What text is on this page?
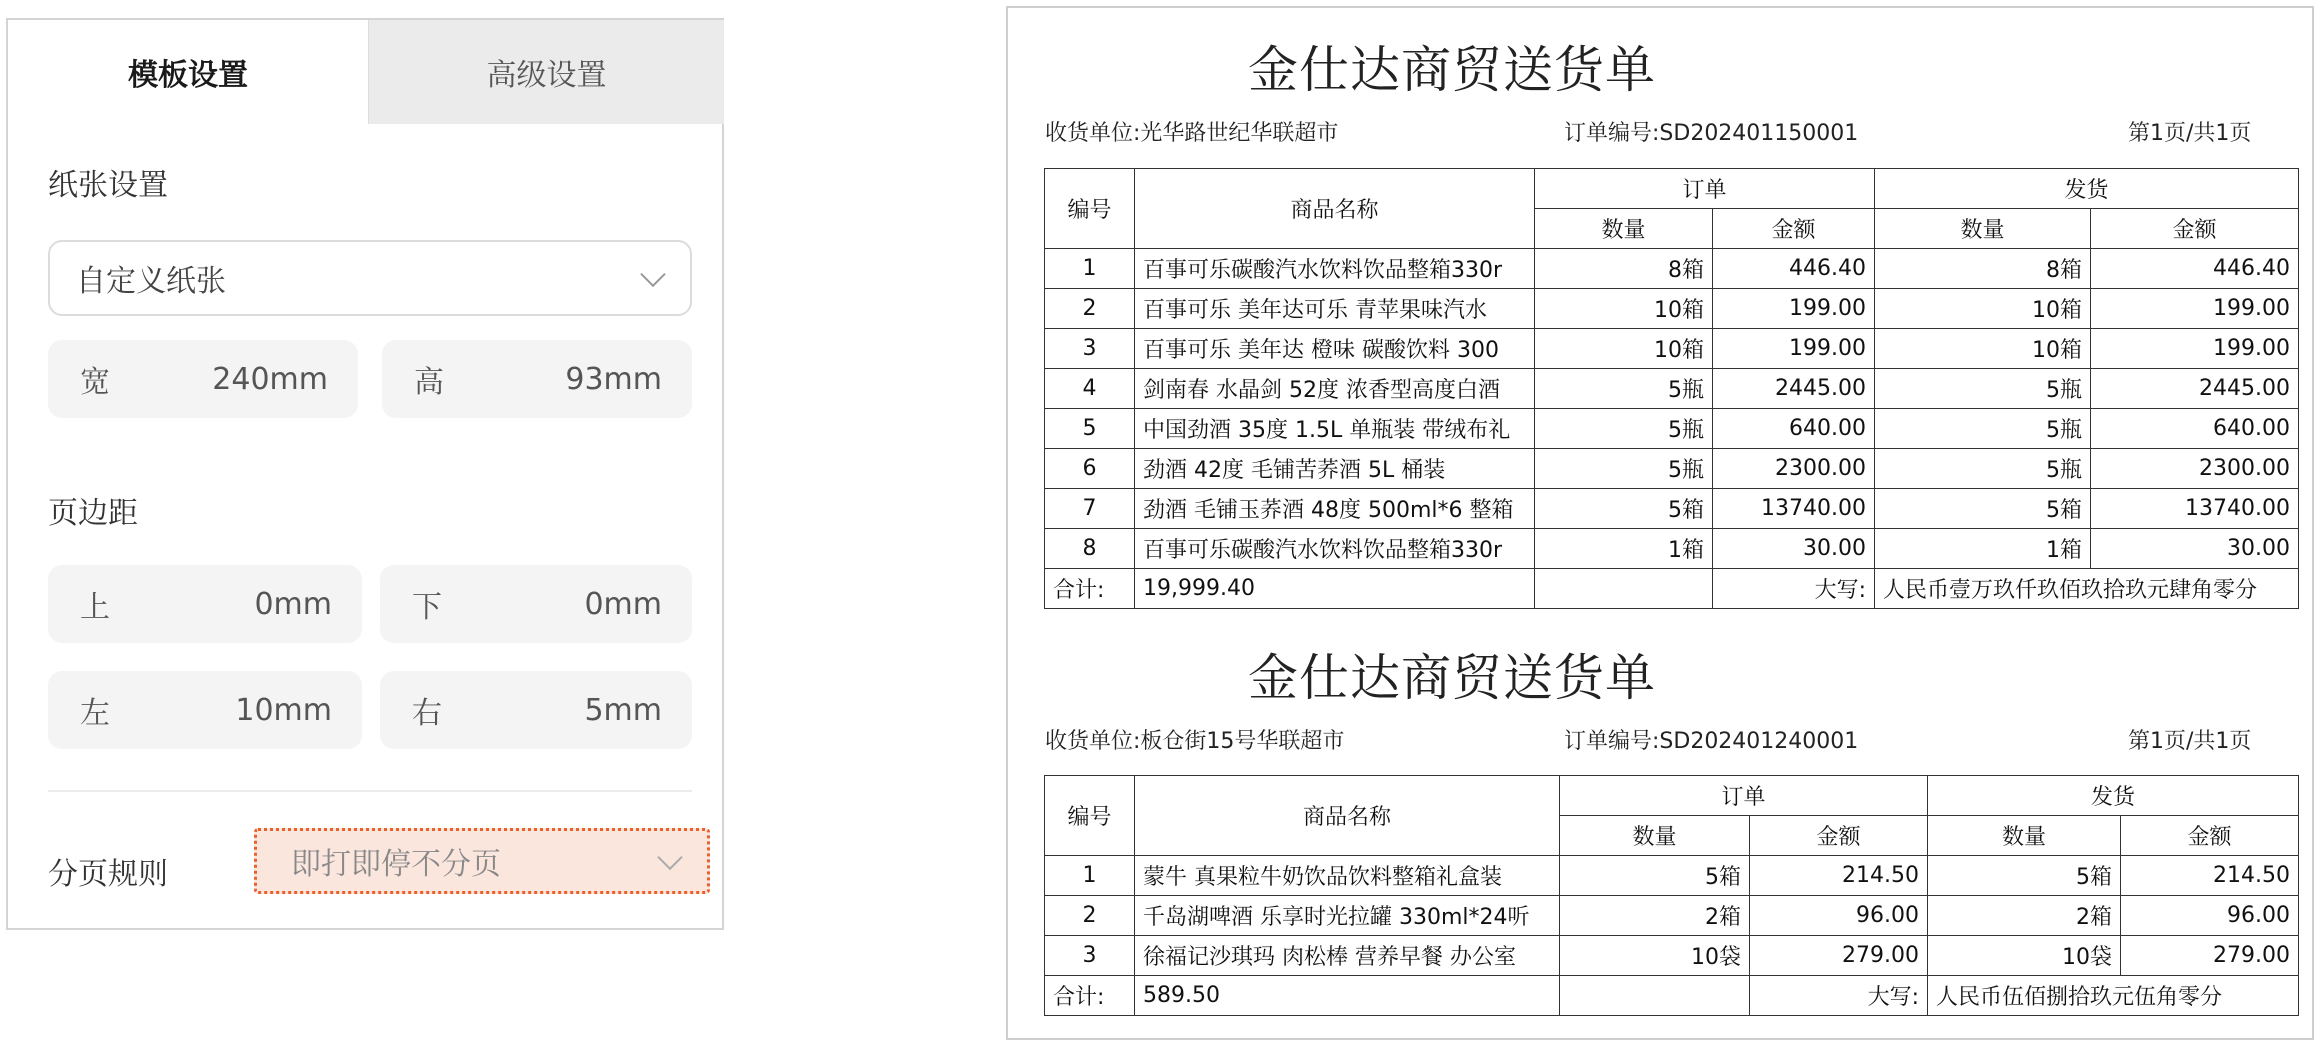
模板设置	高级设置
纸张设置
自定义纸张
宽	240mm	高	93mm
页边距
上	0mm	下	0mm
左	10mm	右	5mm
分页规则	即打即停不分页
金仕达商贸送货单
收货单位:光华路世纪华联超市	订单编号:SD202401150001	第1页/共1页
编号	商品名称	订单		发货	
		数量	金额	数量	金额
1	百事可乐碳酸汽水饮料饮品整箱330r	8箱	446.40	8箱	446.40
2	百事可乐 美年达可乐 青苹果味汽水	10箱	199.00	10箱	199.00
3	百事可乐 美年达 橙味 碳酸饮料 300	10箱	199.00	10箱	199.00
4	剑南春 水晶剑 52度 浓香型高度白酒	5瓶	2445.00	5瓶	2445.00
5	中国劲酒 35度 1.5L 单瓶装 带绒布礼	5瓶	640.00	5瓶	640.00
6	劲酒 42度 毛铺苦荞酒 5L 桶装	5瓶	2300.00	5瓶	2300.00
7	劲酒 毛铺玉荞酒 48度 500ml*6 整箱	5箱	13740.00	5箱	13740.00
8	百事可乐碳酸汽水饮料饮品整箱330r	1箱	30.00	1箱	30.00
合计:	19,999.40		大写:	人民币壹万玖仟玖佰玖拾玖元肆角零分	
金仕达商贸送货单
收货单位:板仓街15号华联超市	订单编号:SD202401240001	第1页/共1页
编号	商品名称	订单		发货	
		数量	金额	数量	金额
1	蒙牛 真果粒牛奶饮品饮料整箱礼盒装	5箱	214.50	5箱	214.50
2	千岛湖啤酒 乐享时光拉罐 330ml*24听	2箱	96.00	2箱	96.00
3	徐福记沙琪玛 肉松棒 营养早餐 办公室	10袋	279.00	10袋	279.00
合计:	589.50		大写:	人民币伍佰捌拾玖元伍角零分	
